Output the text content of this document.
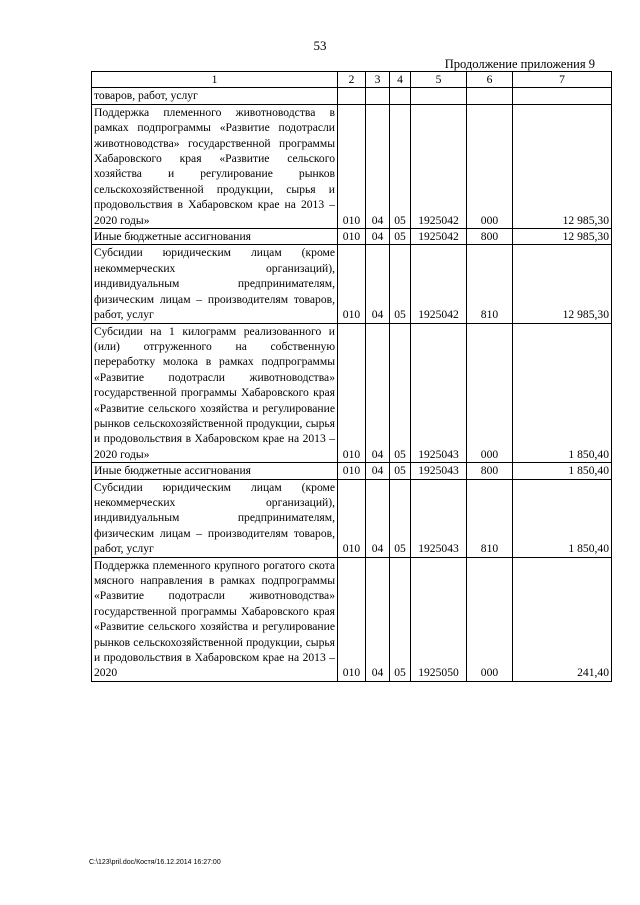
53
Продолжение приложения 9
1	2	3	4	5	6	7
товаров, работ, услуг						
Поддержка племенного животноводства в рамках подпрограммы «Развитие подотрасли животноводства» государственной программы Хабаровского края «Развитие сельского хозяйства и регулирование рынков сельскохозяйственной продукции, сырья и продовольствия в Хабаровском крае на 2013 – 2020 годы»	010	04	05	1925042	000	12 985,30
Иные бюджетные ассигнования	010	04	05	1925042	800	12 985,30
Субсидии юридическим лицам (кроме некоммерческих организаций), индивидуальным предпринимателям, физическим лицам – производителям товаров, работ, услуг	010	04	05	1925042	810	12 985,30
Субсидии на 1 килограмм реализованного и (или) отгруженного на собственную переработку молока в рамках подпрограммы «Развитие подотрасли животноводства» государственной программы Хабаровского края «Развитие сельского хозяйства и регулирование рынков сельскохозяйственной продукции, сырья и продовольствия в Хабаровском крае на 2013 – 2020 годы»	010	04	05	1925043	000	1 850,40
Иные бюджетные ассигнования	010	04	05	1925043	800	1 850,40
Субсидии юридическим лицам (кроме некоммерческих организаций), индивидуальным предпринимателям, физическим лицам – производителям товаров, работ, услуг	010	04	05	1925043	810	1 850,40
Поддержка племенного крупного рогатого скота мясного направления в рамках подпрограммы «Развитие подотрасли животноводства» государственной программы Хабаровского края «Развитие сельского хозяйства и регулирование рынков сельскохозяйственной продукции, сырья и продовольствия в Хабаровском крае на 2013 – 2020	010	04	05	1925050	000	241,40
C:\123\pril.doc/Костя/16.12.2014 16:27:00
